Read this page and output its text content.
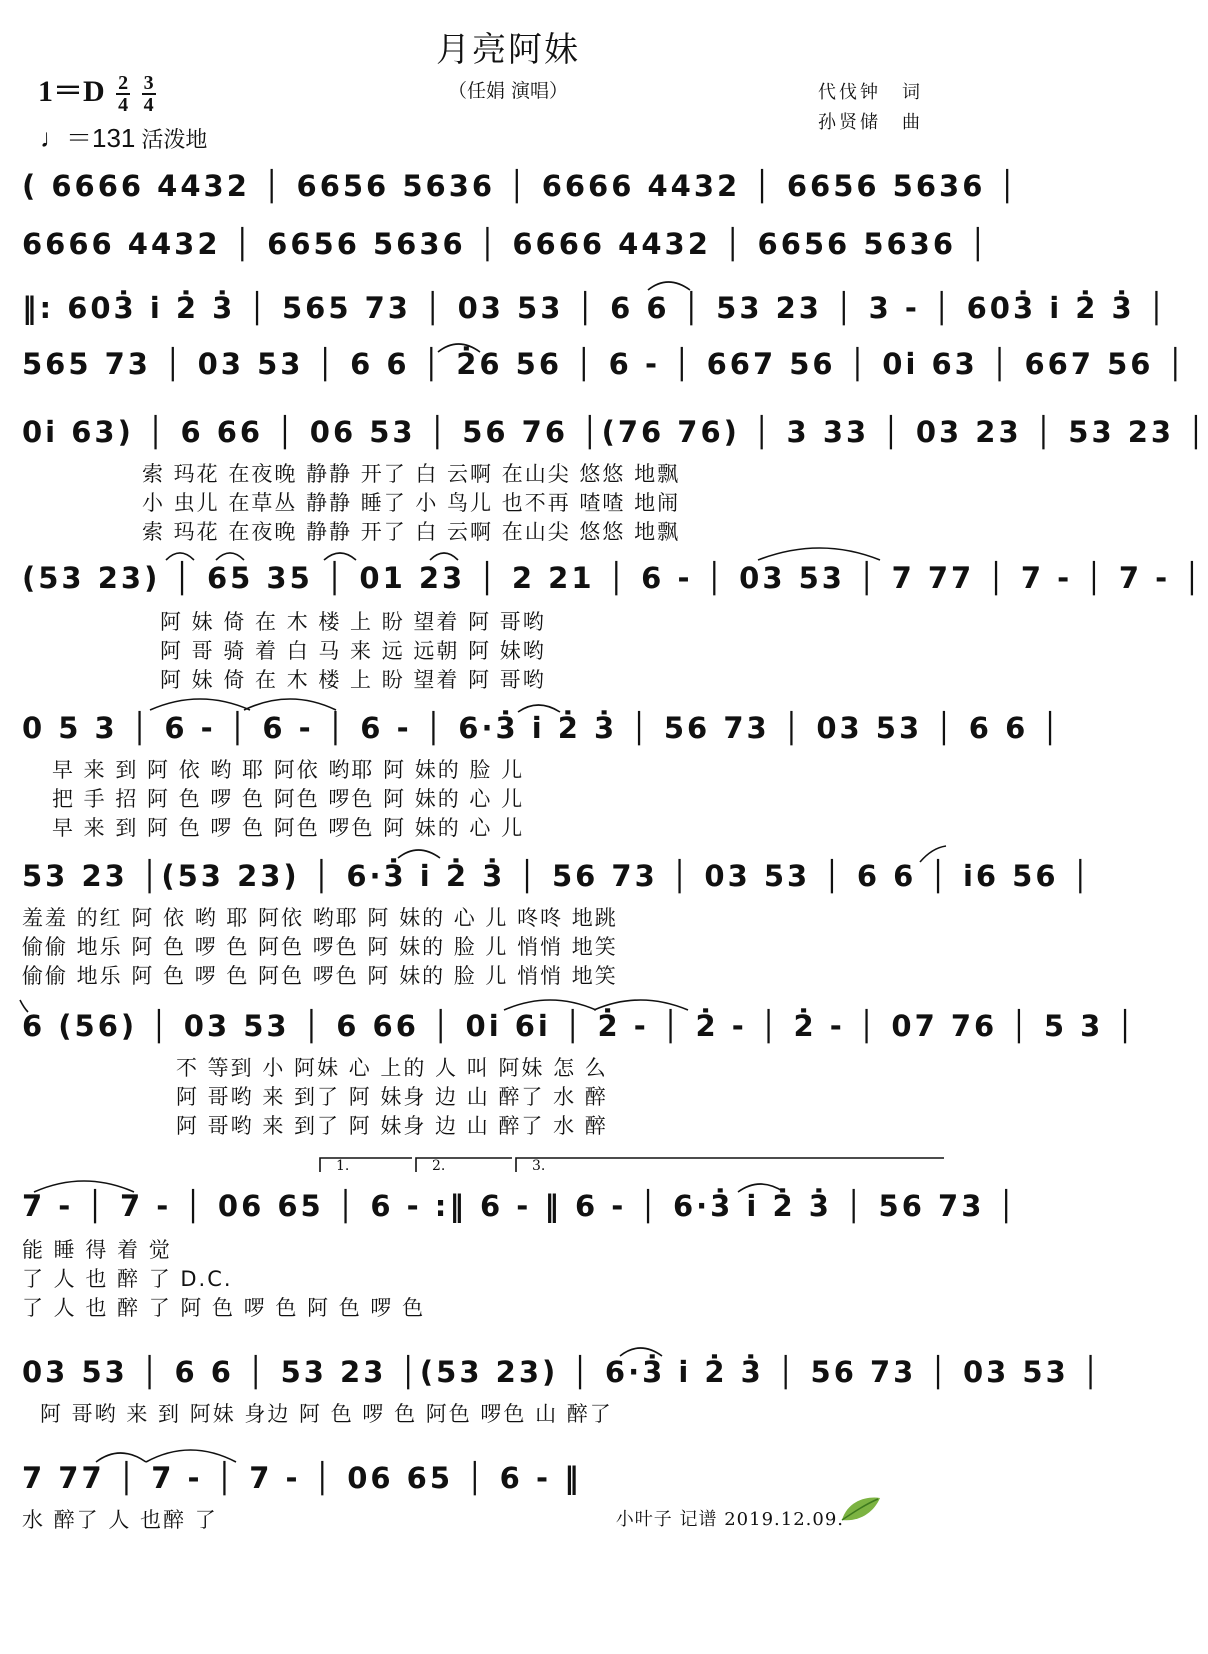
月亮阿妹
（任娟 演唱）
$1=D \frac{2}{4}$
$\frac{3}{4}$
♩＝131 活泼地
代伐钟　词
孙贤储　曲
( 6666 4432 │ 6656 5636 │ 6666 4432 │ 6656 5636 │
6666 4432 │ 6656 5636 │ 6666 4432 │ 6656 5636 │
‖: 603̇ i̇ 2̇ 3̇ │ 565 73 │ 03 53 │ 6 6 │ 53 23 │ 3 - │ 603̇ i̇ 2̇ 3̇ │
565 73 │ 03 53 │ 6 6 │ 2̇6 56 │ 6 - │ 667 56 │ 0i̇ 63 │ 667 56 │
0i̇ 63) │ 6 66 │ 06 53 │ 56 76 │(76 76) │ 3 33 │ 03 23 │ 53 23 │
索 玛花 在夜晚 静静 开了 白 云啊 在山尖 悠悠 地飘
小 虫儿 在草丛 静静 睡了 小 鸟儿 也不再 喳喳 地闹
索 玛花 在夜晚 静静 开了 白 云啊 在山尖 悠悠 地飘
(53 23) │ 65 35 │ 01 23 │ 2 21 │ 6 - │ 03 53 │ 7 77 │ 7 - │ 7 - │
阿 妹 倚 在 木 楼 上 盼 望着 阿 哥哟
阿 哥 骑 着 白 马 来 远 远朝 阿 妹哟
阿 妹 倚 在 木 楼 上 盼 望着 阿 哥哟
0 5 3 │ 6 - │ 6 - │ 6 - │ 6·3̇ i̇ 2̇ 3̇ │ 56 73 │ 03 53 │ 6 6 │
早 来 到 阿 依 哟 耶 阿依 哟耶 阿 妹的 脸 儿
把 手 招 阿 色 啰 色 阿色 啰色 阿 妹的 心 儿
早 来 到 阿 色 啰 色 阿色 啰色 阿 妹的 心 儿
53 23 │(53 23) │ 6·3̇ i̇ 2̇ 3̇ │ 56 73 │ 03 53 │ 6 6 │ i̇6 56 │
羞羞 的红 阿 依 哟 耶 阿依 哟耶 阿 妹的 心 儿 咚咚 地跳
偷偷 地乐 阿 色 啰 色 阿色 啰色 阿 妹的 脸 儿 悄悄 地笑
偷偷 地乐 阿 色 啰 色 阿色 啰色 阿 妹的 脸 儿 悄悄 地笑
6 (56) │ 03 53 │ 6 66 │ 0i̇ 6i̇ │ 2̇ - │ 2̇ - │ 2̇ - │ 07 76 │ 5 3 │
不 等到 小 阿妹 心 上的 人 叫 阿妹 怎 么
阿 哥哟 来 到了 阿 妹身 边 山 醉了 水 醉
阿 哥哟 来 到了 阿 妹身 边 山 醉了 水 醉
1.	2.	3.
7 - │ 7 - │ 06 65 │ 6 - :‖ 6 - ‖ 6 - │ 6·3̇ i̇ 2̇ 3̇ │ 56 73 │
能 睡 得 着 觉
了 人 也 醉 了 D.C.
了 人 也 醉 了 阿 色 啰 色 阿 色 啰 色
03 53 │ 6 6 │ 53 23 │(53 23) │ 6·3̇ i̇ 2̇ 3̇ │ 56 73 │ 03 53 │
阿 哥哟 来 到 阿妹 身边 阿 色 啰 色 阿色 啰色 山 醉了
7 77 │ 7 - │ 7 - │ 06 65 │ 6 - ‖
水 醉了 人 也醉 了	小叶子 记谱 2019.12.09.
